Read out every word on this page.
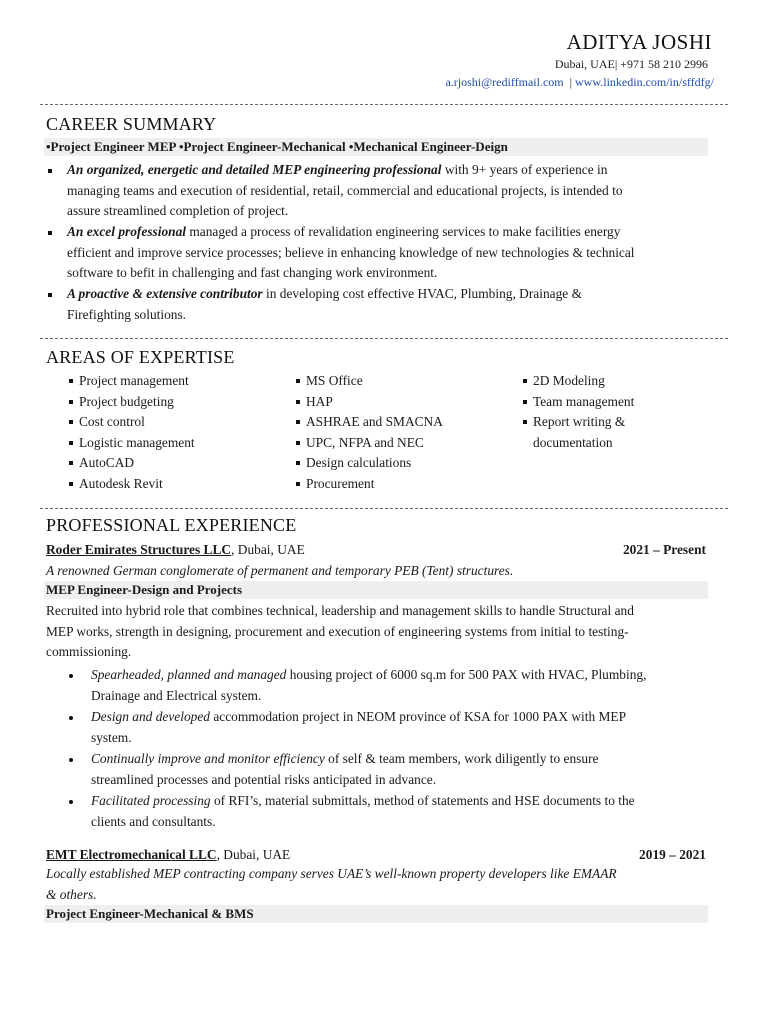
ADITYA JOSHI
Dubai, UAE| +971 58 210 2996
a.rjoshi@rediffmail.com | www.linkedin.com/in/sffdfg/
CAREER SUMMARY
•Project Engineer MEP •Project Engineer-Mechanical •Mechanical Engineer-Deign
An organized, energetic and detailed MEP engineering professional with 9+ years of experience in
managing teams and execution of residential, retail, commercial and educational projects, is intended to
assure streamlined completion of project.
An excel professional managed a process of revalidation engineering services to make facilities energy
efficient and improve service processes; believe in enhancing knowledge of new technologies & technical
software to befit in challenging and fast changing work environment.
A proactive & extensive contributor in developing cost effective HVAC, Plumbing, Drainage &
Firefighting solutions.
AREAS OF EXPERTISE
Project management
Project budgeting
Cost control
Logistic management
AutoCAD
Autodesk Revit
MS Office
HAP
ASHRAE and SMACNA
UPC, NFPA and NEC
Design calculations
Procurement
2D Modeling
Team management
Report writing &
documentation
PROFESSIONAL EXPERIENCE
Roder Emirates Structures LLC, Dubai, UAE	2021 – Present
A renowned German conglomerate of permanent and temporary PEB (Tent) structures.
MEP Engineer-Design and Projects
Recruited into hybrid role that combines technical, leadership and management skills to handle Structural and
MEP works, strength in designing, procurement and execution of engineering systems from initial to testing-
commissioning.
Spearheaded, planned and managed housing project of 6000 sq.m for 500 PAX with HVAC, Plumbing,
Drainage and Electrical system.
Design and developed accommodation project in NEOM province of KSA for 1000 PAX with MEP
system.
Continually improve and monitor efficiency of self & team members, work diligently to ensure
streamlined processes and potential risks anticipated in advance.
Facilitated processing of RFI’s, material submittals, method of statements and HSE documents to the
clients and consultants.
EMT Electromechanical LLC, Dubai, UAE	2019 – 2021
Locally established MEP contracting company serves UAE’s well-known property developers like EMAAR
& others.
Project Engineer-Mechanical & BMS
